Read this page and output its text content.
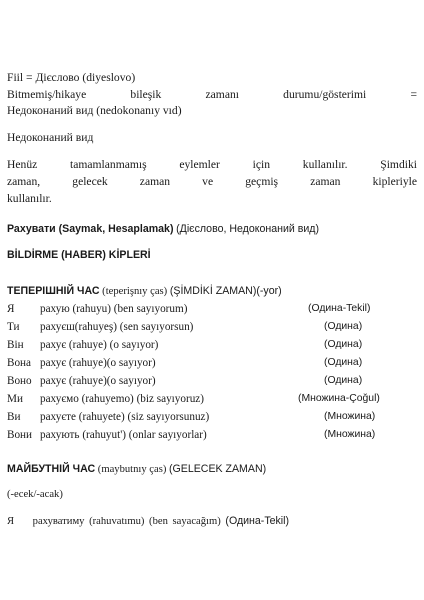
Fiil = Дієслово (diyeslovo)
Bitmemiş/hikaye bileşik zamanı durumu/gösterimi =
Недоконаний вид (nedokonanıy vıd)
Недоконаний вид
Henüz tamamlanmamış eylemler için kullanılır. Şimdiki
zaman, gelecek zaman ve geçmiş zaman kipleriyle
kullanılır.
Рахувати (Saymak, Hesaplamak) (Дієслово, Недоконаний вид)
BİLDİRME (HABER) KİPLERİ
ТЕПЕРІШНІЙ ЧАС (teperişnıy ças) (ŞİMDİKİ ZAMAN)(-yor)
Я рахую (rahuyu) (ben sayıyorum)	(Одина-Tekil)
Ти рахуєш(rahuyeş) (sen sayıyorsun)	(Одина)
Він рахує (rahuye) (o sayıyor)	(Одина)
Вона рахує (rahuye)(o sayıyor)	(Одина)
Воно рахує (rahuye)(o sayıyor)	(Одина)
Ми рахуємо (rahuyemo) (biz sayıyoruz)	(Множина-Çoğul)
Ви рахуєте (rahuyete) (siz sayıyorsunuz)	(Множина)
Вони рахують (rahuyut') (onlar sayıyorlar)	(Множина)
МАЙБУТНІЙ ЧАС (maybutnıy ças) (GELECEK ZAMAN)
(-ecek/-acak)
Я рахуватиму (rahuvatımu) (ben sayacağım) (Одина-Tekil)
